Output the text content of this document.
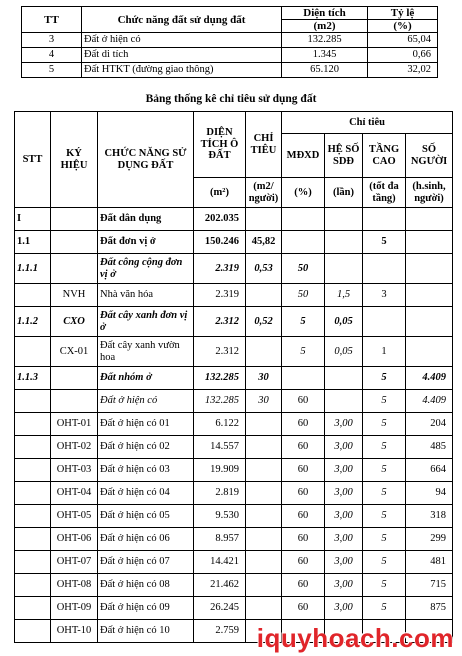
TT	Chức năng đất sử dụng đất	Diện tích	Tỷ lệ
		(m2)	(%)
3	Đất ở hiện có	132.285	65,04
4	Đất di tích	1.345	0,66
5	Đất HTKT (đường giao thông)	65.120	32,02
Bảng thống kê chỉ tiêu sử dụng đất
STT	KÝ HIỆU	CHỨC NĂNG SỬ DỤNG ĐẤT	DIỆN TÍCH Ô ĐẤT	CHỈ TIÊU	Chỉ tiêu			
					MĐXD	HỆ SỐ SDĐ	TẦNG CAO	SỐ NGƯỜI
			(m²)	(m2/ người)	(%)	(lần)	(tốt đa tầng)	(h.sinh, người)
I		Đất dân dụng	202.035					
1.1		Đất đơn vị ở	150.246	45,82			5	
1.1.1		Đất công cộng đơn vị ở	2.319	0,53	50			
	NVH	Nhà văn hóa	2.319		50	1,5	3	
1.1.2	CXO	Đất cây xanh đơn vị ở	2.312	0,52	5	0,05		
	CX-01	Đất cây xanh vườn hoa	2.312		5	0,05	1	
1.1.3		Đất nhóm ở	132.285	30			5	4.409
		Đất ở hiện có	132.285	30	60		5	4.409
	OHT-01	Đất ở hiện có 01	6.122		60	3,00	5	204
	OHT-02	Đất ở hiện có 02	14.557		60	3,00	5	485
	OHT-03	Đất ở hiện có 03	19.909		60	3,00	5	664
	OHT-04	Đất ở hiện có 04	2.819		60	3,00	5	94
	OHT-05	Đất ở hiện có 05	9.530		60	3,00	5	318
	OHT-06	Đất ở hiện có 06	8.957		60	3,00	5	299
	OHT-07	Đất ở hiện có 07	14.421		60	3,00	5	481
	OHT-08	Đất ở hiện có 08	21.462		60	3,00	5	715
	OHT-09	Đất ở hiện có 09	26.245		60	3,00	5	875
	OHT-10	Đất ở hiện có 10	2.759					iquyhoach.com
